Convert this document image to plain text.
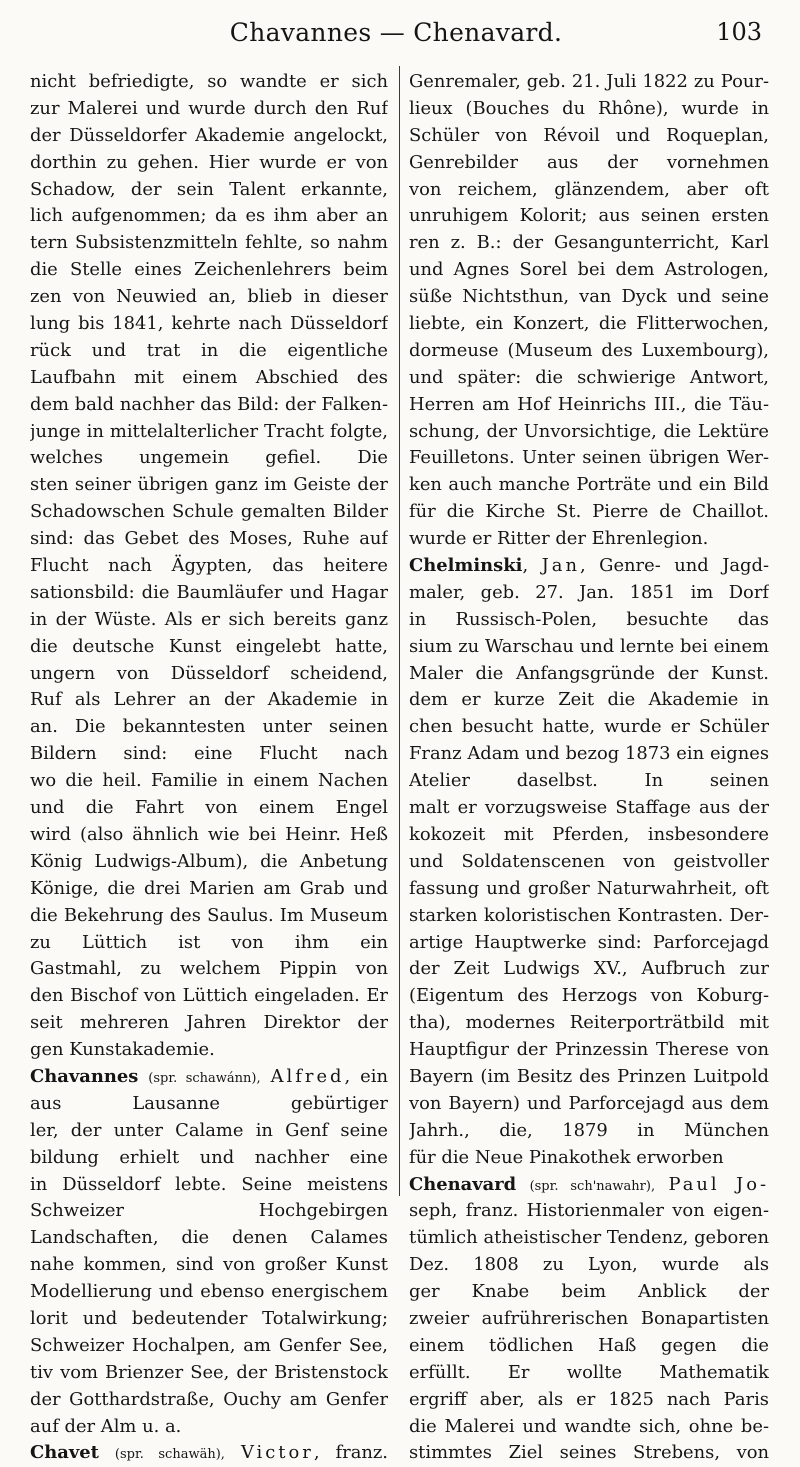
Chavannes — Chenavard.	103
nicht befriedigte, so wandte er sich
zur Malerei und wurde durch den Ruf
der Düsseldorfer Akademie angelockt,
dorthin zu gehen. Hier wurde er von
Schadow, der sein Talent erkannte,
lich aufgenommen; da es ihm aber an
tern Subsistenzmitteln fehlte, so nahm
die Stelle eines Zeichenlehrers beim
zen von Neuwied an, blieb in dieser
lung bis 1841, kehrte nach Düsseldorf
rück und trat in die eigentliche
Laufbahn mit einem Abschied des
dem bald nachher das Bild: der Falken-
junge in mittelalterlicher Tracht folgte,
welches ungemein gefiel. Die
sten seiner übrigen ganz im Geiste der
Schadowschen Schule gemalten Bilder
sind: das Gebet des Moses, Ruhe auf
Flucht nach Ägypten, das heitere
sationsbild: die Baumläufer und Hagar
in der Wüste. Als er sich bereits ganz
die deutsche Kunst eingelebt hatte,
ungern von Düsseldorf scheidend,
Ruf als Lehrer an der Akademie in
an. Die bekanntesten unter seinen
Bildern sind: eine Flucht nach
wo die heil. Familie in einem Nachen
und die Fahrt von einem Engel
wird (also ähnlich wie bei Heinr. Heß
König Ludwigs-Album), die Anbetung
Könige, die drei Marien am Grab und
die Bekehrung des Saulus. Im Museum
zu Lüttich ist von ihm ein
Gastmahl, zu welchem Pippin von
den Bischof von Lüttich eingeladen. Er
seit mehreren Jahren Direktor der
gen Kunstakademie.
Chavannes (spr. schawánn), Alfred, ein
aus Lausanne gebürtiger
ler, der unter Calame in Genf seine
bildung erhielt und nachher eine
in Düsseldorf lebte. Seine meistens
Schweizer Hochgebirgen
Landschaften, die denen Calames
nahe kommen, sind von großer Kunst
Modellierung und ebenso energischem
lorit und bedeutender Totalwirkung;
Schweizer Hochalpen, am Genfer See,
tiv vom Brienzer See, der Bristenstock
der Gotthardstraße, Ouchy am Genfer
auf der Alm u. a.
Chavet (spr. schawäh), Victor, franz.
Genremaler, geb. 21. Juli 1822 zu Pour-
lieux (Bouches du Rhône), wurde in
Schüler von Révoil und Roqueplan,
Genrebilder aus der vornehmen
von reichem, glänzendem, aber oft
unruhigem Kolorit; aus seinen ersten
ren z. B.: der Gesangunterricht, Karl
und Agnes Sorel bei dem Astrologen,
süße Nichtsthun, van Dyck und seine
liebte, ein Konzert, die Flitterwochen,
dormeuse (Museum des Luxembourg),
und später: die schwierige Antwort,
Herren am Hof Heinrichs III., die Täu-
schung, der Unvorsichtige, die Lektüre
Feuilletons. Unter seinen übrigen Wer-
ken auch manche Porträte und ein Bild
für die Kirche St. Pierre de Chaillot.
wurde er Ritter der Ehrenlegion.
Chelminski, Jan, Genre- und Jagd-
maler, geb. 27. Jan. 1851 im Dorf
in Russisch-Polen, besuchte das
sium zu Warschau und lernte bei einem
Maler die Anfangsgründe der Kunst.
dem er kurze Zeit die Akademie in
chen besucht hatte, wurde er Schüler
Franz Adam und bezog 1873 ein eignes
Atelier daselbst. In seinen
malt er vorzugsweise Staffage aus der
kokozeit mit Pferden, insbesondere
und Soldatenscenen von geistvoller
fassung und großer Naturwahrheit, oft
starken koloristischen Kontrasten. Der-
artige Hauptwerke sind: Parforcejagd
der Zeit Ludwigs XV., Aufbruch zur
(Eigentum des Herzogs von Koburg-
tha), modernes Reiterporträtbild mit
Hauptfigur der Prinzessin Therese von
Bayern (im Besitz des Prinzen Luitpold
von Bayern) und Parforcejagd aus dem
Jahrh., die, 1879 in München
für die Neue Pinakothek erworben
Chenavard (spr. sch'nawahr), Paul Jo-
seph, franz. Historienmaler von eigen-
tümlich atheistischer Tendenz, geboren
Dez. 1808 zu Lyon, wurde als
ger Knabe beim Anblick der
zweier aufrührerischen Bonapartisten
einem tödlichen Haß gegen die
erfüllt. Er wollte Mathematik
ergriff aber, als er 1825 nach Paris
die Malerei und wandte sich, ohne be-
stimmtes Ziel seines Strebens, von
